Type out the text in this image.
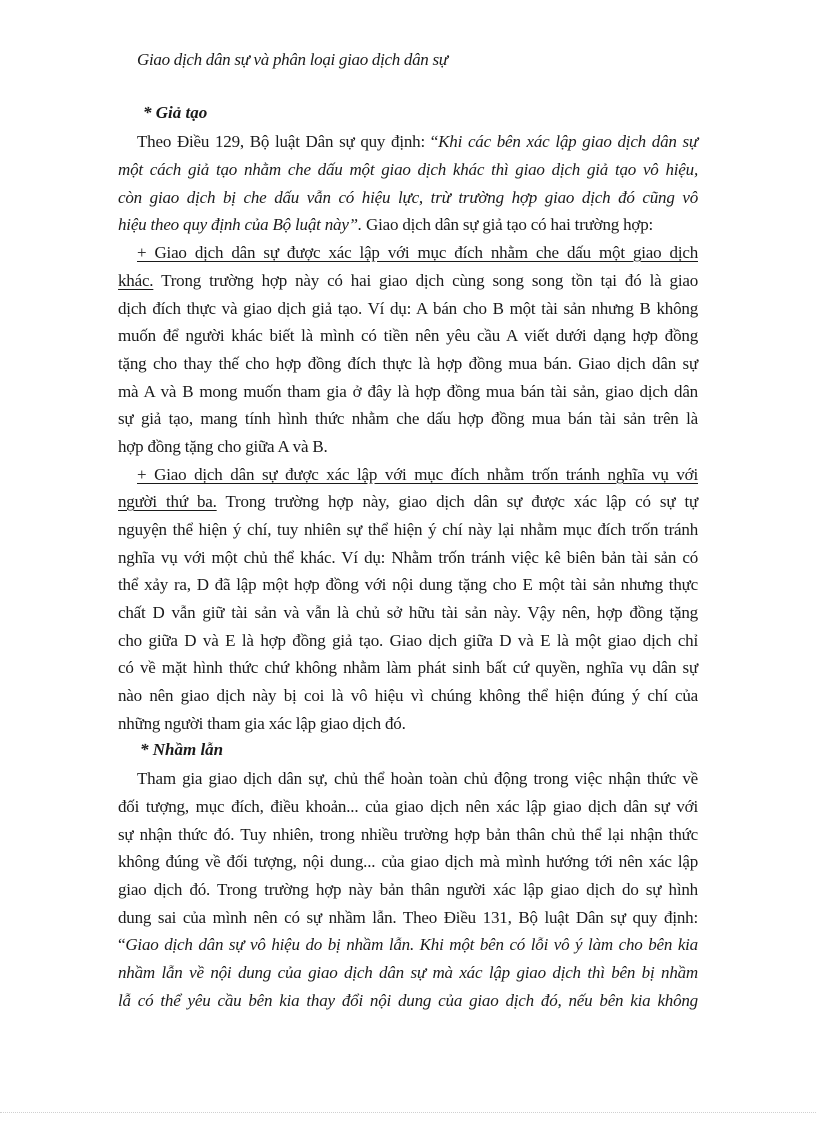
Giao dịch dân sự và phân loại giao dịch dân sự
* Giả tạo
Theo Điều 129, Bộ luật Dân sự quy định: “Khi các bên xác lập giao dịch dân sự
một cách giả tạo nhằm che dấu một giao dịch khác thì giao dịch giả tạo vô hiệu,
còn giao dịch bị che dấu vẫn có hiệu lực, trừ trường hợp giao dịch đó cũng vô
hiệu theo quy định của Bộ luật này”. Giao dịch dân sự giả tạo có hai trường hợp:
+ Giao dịch dân sự được xác lập với mục đích nhằm che dấu một giao dịch
khác. Trong trường hợp này có hai giao dịch cùng song song tồn tại đó là giao
dịch đích thực và giao dịch giả tạo. Ví dụ: A bán cho B một tài sản nhưng B không
muốn để người khác biết là mình có tiền nên yêu cầu A viết dưới dạng hợp đồng
tặng cho thay thế cho hợp đồng đích thực là hợp đồng mua bán. Giao dịch dân sự
mà A và B mong muốn tham gia ở đây là hợp đồng mua bán tài sản, giao dịch dân
sự giả tạo, mang tính hình thức nhằm che dấu hợp đồng mua bán tài sản trên là
hợp đồng tặng cho giữa A và B.
+ Giao dịch dân sự được xác lập với mục đích nhằm trốn tránh nghĩa vụ với
người thứ ba. Trong trường hợp này, giao dịch dân sự được xác lập có sự tự
nguyện thể hiện ý chí, tuy nhiên sự thể hiện ý chí này lại nhằm mục đích trốn tránh
nghĩa vụ với một chủ thể khác. Ví dụ: Nhằm trốn tránh việc kê biên bản tài sản có
thể xảy ra, D đã lập một hợp đồng với nội dung tặng cho E một tài sản nhưng thực
chất D vẫn giữ tài sản và vẫn là chủ sở hữu tài sản này. Vậy nên, hợp đồng tặng
cho giữa D và E là hợp đồng giả tạo. Giao dịch giữa D và E là một giao dịch chỉ
có về mặt hình thức chứ không nhằm làm phát sinh bất cứ quyền, nghĩa vụ dân sự
nào nên giao dịch này bị coi là vô hiệu vì chúng không thể hiện đúng ý chí của
những người tham gia xác lập giao dịch đó.
* Nhầm lẫn
Tham gia giao dịch dân sự, chủ thể hoàn toàn chủ động trong việc nhận thức về
đối tượng, mục đích, điều khoản... của giao dịch nên xác lập giao dịch dân sự với
sự nhận thức đó. Tuy nhiên, trong nhiều trường hợp bản thân chủ thể lại nhận thức
không đúng về đối tượng, nội dung... của giao dịch mà mình hướng tới nên xác lập
giao dịch đó. Trong trường hợp này bản thân người xác lập giao dịch do sự hình
dung sai của mình nên có sự nhầm lẫn. Theo Điều 131, Bộ luật Dân sự quy định:
“Giao dịch dân sự vô hiệu do bị nhầm lẫn. Khi một bên có lỗi vô ý làm cho bên kia
nhầm lẫn về nội dung của giao dịch dân sự mà xác lập giao dịch thì bên bị nhầm
lẫ có thể yêu cầu bên kia thay đổi nội dung của giao dịch đó, nếu bên kia không
